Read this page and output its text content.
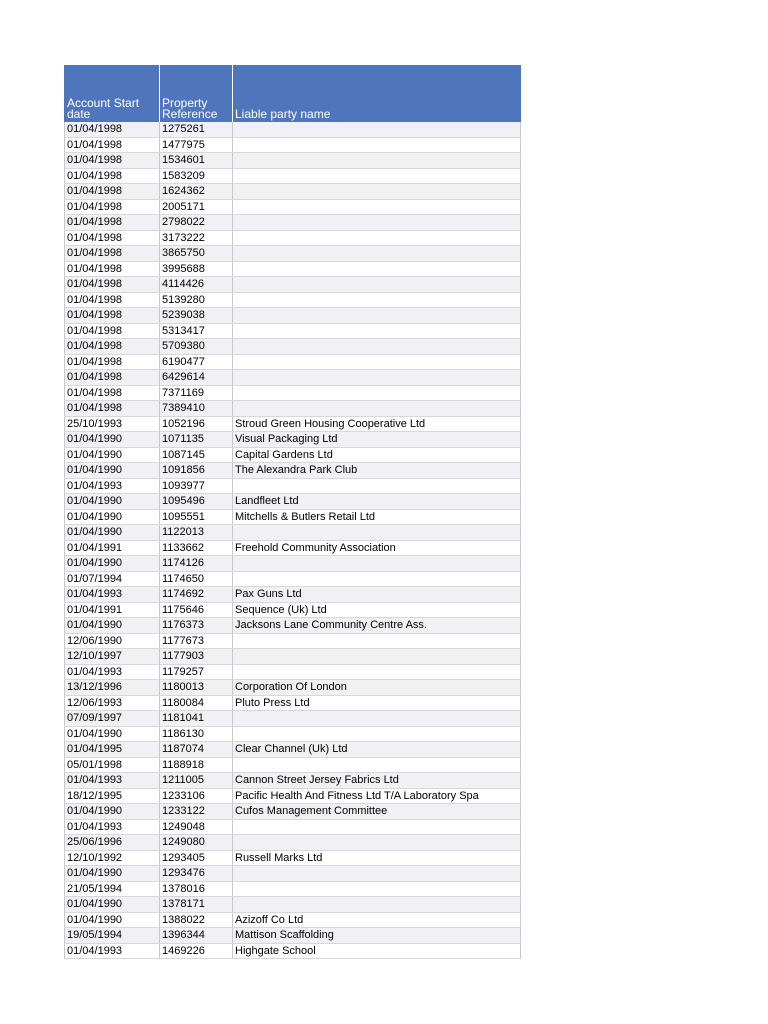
Account Start date	Property Reference	Liable party name
01/04/1998	1275261	
01/04/1998	1477975	
01/04/1998	1534601	
01/04/1998	1583209	
01/04/1998	1624362	
01/04/1998	2005171	
01/04/1998	2798022	
01/04/1998	3173222	
01/04/1998	3865750	
01/04/1998	3995688	
01/04/1998	4114426	
01/04/1998	5139280	
01/04/1998	5239038	
01/04/1998	5313417	
01/04/1998	5709380	
01/04/1998	6190477	
01/04/1998	6429614	
01/04/1998	7371169	
01/04/1998	7389410	
25/10/1993	1052196	Stroud Green Housing Cooperative Ltd
01/04/1990	1071135	Visual Packaging Ltd
01/04/1990	1087145	Capital Gardens Ltd
01/04/1990	1091856	The Alexandra Park Club
01/04/1993	1093977	
01/04/1990	1095496	Landfleet Ltd
01/04/1990	1095551	Mitchells & Butlers Retail Ltd
01/04/1990	1122013	
01/04/1991	1133662	Freehold Community Association
01/04/1990	1174126	
01/07/1994	1174650	
01/04/1993	1174692	Pax Guns Ltd
01/04/1991	1175646	Sequence (Uk) Ltd
01/04/1990	1176373	Jacksons Lane Community Centre Ass.
12/06/1990	1177673	
12/10/1997	1177903	
01/04/1993	1179257	
13/12/1996	1180013	Corporation Of London
12/06/1993	1180084	Pluto Press Ltd
07/09/1997	1181041	
01/04/1990	1186130	
01/04/1995	1187074	Clear Channel (Uk) Ltd
05/01/1998	1188918	
01/04/1993	1211005	Cannon Street Jersey Fabrics Ltd
18/12/1995	1233106	Pacific Health And Fitness Ltd T/A Laboratory Spa
01/04/1990	1233122	Cufos Management Committee
01/04/1993	1249048	
25/06/1996	1249080	
12/10/1992	1293405	Russell Marks Ltd
01/04/1990	1293476	
21/05/1994	1378016	
01/04/1990	1378171	
01/04/1990	1388022	Azizoff Co Ltd
19/05/1994	1396344	Mattison Scaffolding
01/04/1993	1469226	Highgate School
